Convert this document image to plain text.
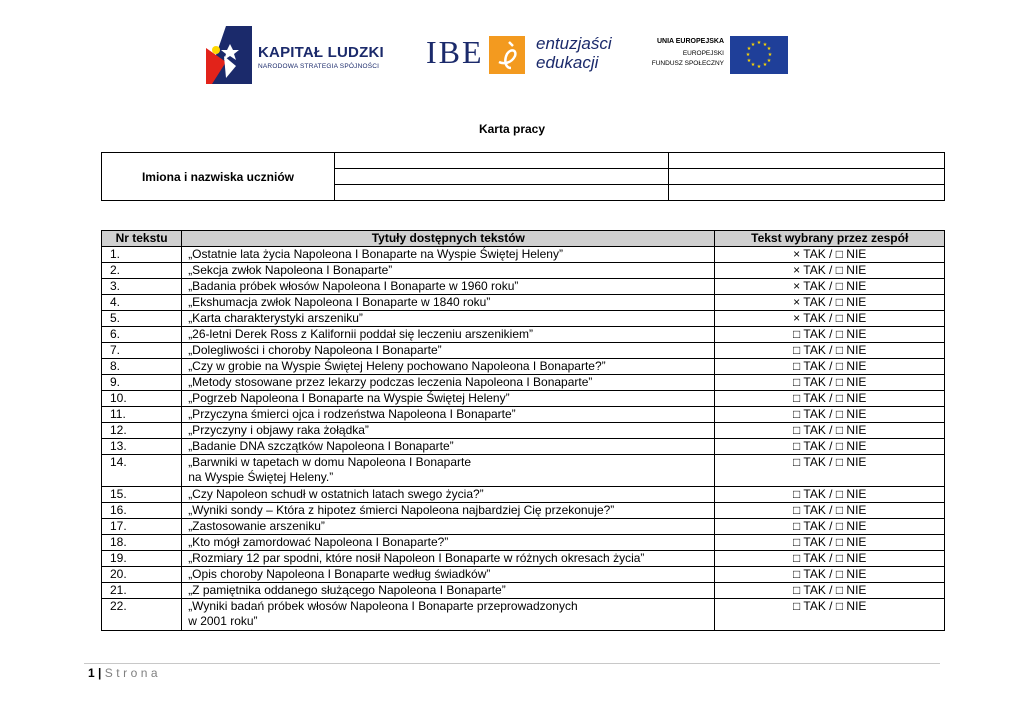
KAPITAŁ LUDZKI
NARODOWA STRATEGIA SPÓJNOŚCI IBE	entuzjaści
edukacji
UNIA EUROPEJSKA
EUROPEJSKI
FUNDUSZ SPOŁECZNY
★ ★
★
★
★
★
★
★
★
★
★
★
Karta pracy
Imiona i nazwiska uczniów		

Nr tekstu	Tytuły dostępnych tekstów	Tekst wybrany przez zespół
1.	„Ostatnie lata życia Napoleona I Bonaparte na Wyspie Świętej Heleny”	× TAK / □ NIE
2.	„Sekcja zwłok Napoleona I Bonaparte”	× TAK / □ NIE
3.	„Badania próbek włosów Napoleona I Bonaparte w 1960 roku”	× TAK / □ NIE
4.	„Ekshumacja zwłok Napoleona I Bonaparte w 1840 roku”	× TAK / □ NIE
5.	„Karta charakterystyki arszeniku”	× TAK / □ NIE
6.	„26-letni Derek Ross z Kalifornii poddał się leczeniu arszenikiem”	□ TAK / □ NIE
7.	„Dolegliwości i choroby Napoleona I Bonaparte”	□ TAK / □ NIE
8.	„Czy w grobie na Wyspie Świętej Heleny pochowano Napoleona I Bonaparte?”	□ TAK / □ NIE
9.	„Metody stosowane przez lekarzy podczas leczenia Napoleona I Bonaparte”	□ TAK / □ NIE
10.	„Pogrzeb Napoleona I Bonaparte na Wyspie Świętej Heleny”	□ TAK / □ NIE
11.	„Przyczyna śmierci ojca i rodzeństwa Napoleona I Bonaparte”	□ TAK / □ NIE
12.	„Przyczyny i objawy raka żołądka”	□ TAK / □ NIE
13.	„Badanie DNA szczątków Napoleona I Bonaparte”	□ TAK / □ NIE
14.	„Barwniki w tapetach w domu Napoleona I Bonaparte
na Wyspie Świętej Heleny.”	□ TAK / □ NIE
15.	„Czy Napoleon schudł w ostatnich latach swego życia?”	□ TAK / □ NIE
16.	„Wyniki sondy – Która z hipotez śmierci Napoleona najbardziej Cię przekonuje?”	□ TAK / □ NIE
17.	„Zastosowanie arszeniku”	□ TAK / □ NIE
18.	„Kto mógł zamordować Napoleona I Bonaparte?”	□ TAK / □ NIE
19.	„Rozmiary 12 par spodni, które nosił Napoleon I Bonaparte w różnych okresach życia”	□ TAK / □ NIE
20.	„Opis choroby Napoleona I Bonaparte według świadków”	□ TAK / □ NIE
21.	„Z pamiętnika oddanego służącego Napoleona I Bonaparte”	□ TAK / □ NIE
22.	„Wyniki badań próbek włosów Napoleona I Bonaparte przeprowadzonych
w 2001 roku”	□ TAK / □ NIE
1 | Strona
